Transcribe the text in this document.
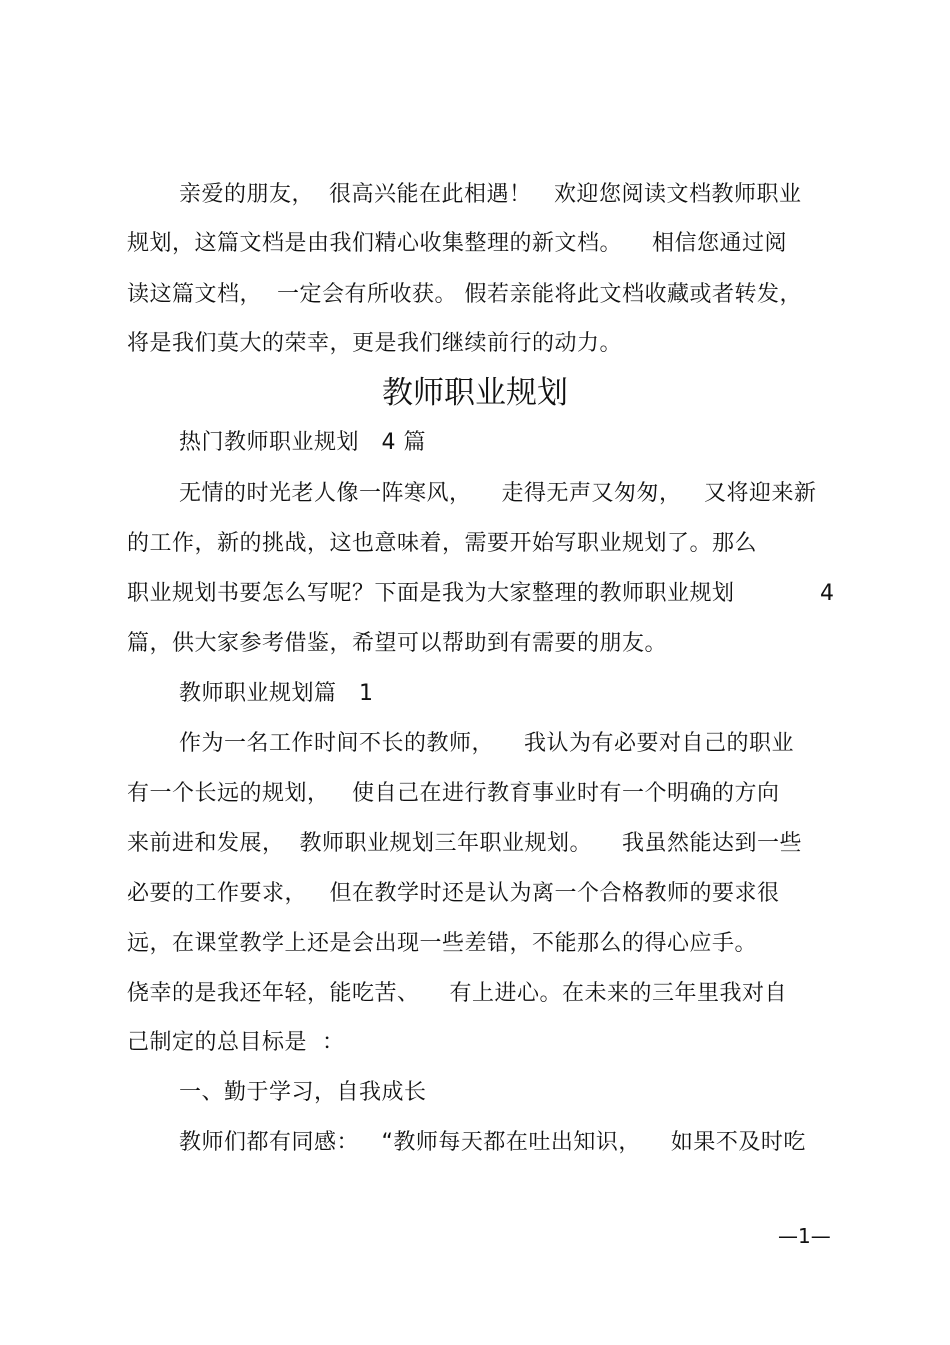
亲爱的朋友，  很高兴能在此相遇！   欢迎您阅读文档教师职业
规划，这篇文档是由我们精心收集整理的新文档。    相信您通过阅
读这篇文档，  一定会有所收获。 假若亲能将此文档收藏或者转发，
将是我们莫大的荣幸，更是我们继续前行的动力。
教师职业规划
热门教师职业规划   4 篇
无情的时光老人像一阵寒风，    走得无声又匆匆，   又将迎来新
的工作，新的挑战，这也意味着，需要开始写职业规划了。那么
职业规划书要怎么写呢？下面是我为大家整理的教师职业规划	4
篇，供大家参考借鉴，希望可以帮助到有需要的朋友。
教师职业规划篇   1
作为一名工作时间不长的教师，    我认为有必要对自己的职业
有一个长远的规划，   使自己在进行教育事业时有一个明确的方向
来前进和发展，  教师职业规划三年职业规划。    我虽然能达到一些
必要的工作要求，   但在教学时还是认为离一个合格教师的要求很
远，在课堂教学上还是会出现一些差错，不能那么的得心应手。
侥幸的是我还年轻，能吃苦、    有上进心。在未来的三年里我对自
己制定的总目标是  ：
一、勤于学习，自我成长
教师们都有同感：   “教师每天都在吐出知识，    如果不及时吃
—1—
